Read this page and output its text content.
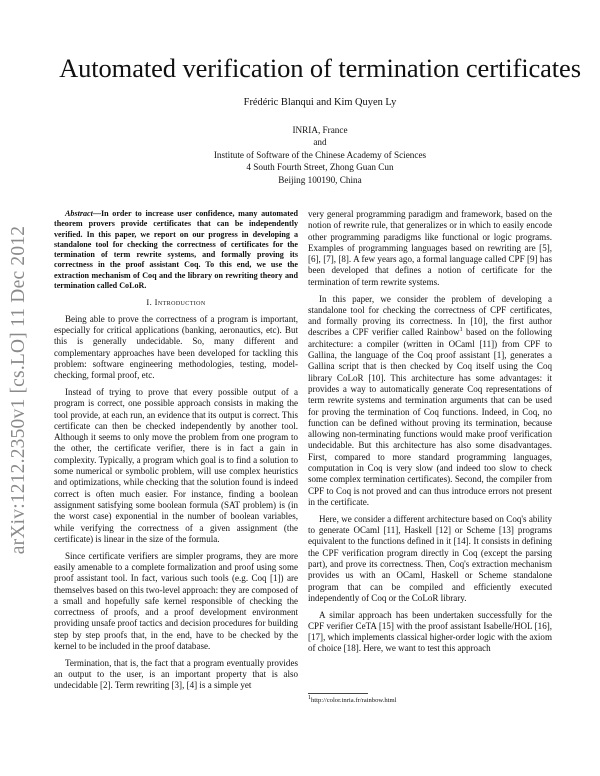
arXiv:1212.2350v1 [cs.LO] 11 Dec 2012
Automated verification of termination certificates
Frédéric Blanqui and Kim Quyen Ly
INRIA, France
and
Institute of Software of the Chinese Academy of Sciences
4 South Fourth Street, Zhong Guan Cun
Beijing 100190, China

Abstract—In order to increase user confidence, many automated theorem provers provide certificates that can be independently verified. In this paper, we report on our progress in developing a standalone tool for checking the correctness of certificates for the termination of term rewrite systems, and formally proving its correctness in the proof assistant Coq. To this end, we use the extraction mechanism of Coq and the library on rewriting theory and termination called CoLoR.

I. Introduction

Being able to prove the correctness of a program is important, especially for critical applications (banking, aeronautics, etc). But this is generally undecidable. So, many different and complementary approaches have been developed for tackling this problem: software engineering methodologies, testing, model-checking, formal proof, etc.

Instead of trying to prove that every possible output of a program is correct, one possible approach consists in making the tool provide, at each run, an evidence that its output is correct. This certificate can then be checked independently by another tool. Although it seems to only move the problem from one program to the other, the certificate verifier, there is in fact a gain in complexity. Typically, a program which goal is to find a solution to some numerical or symbolic problem, will use complex heuristics and optimizations, while checking that the solution found is indeed correct is often much easier. For instance, finding a boolean assignment satisfying some boolean formula (SAT problem) is (in the worst case) exponential in the number of boolean variables, while verifying the correctness of a given assignment (the certificate) is linear in the size of the formula.

Since certificate verifiers are simpler programs, they are more easily amenable to a complete formalization and proof using some proof assistant tool. In fact, various such tools (e.g. Coq [1]) are themselves based on this two-level approach: they are composed of a small and hopefully safe kernel responsible of checking the correctness of proofs, and a proof development environment providing unsafe proof tactics and decision procedures for building step by step proofs that, in the end, have to be checked by the kernel to be included in the proof database.

Termination, that is, the fact that a program eventually provides an output to the user, is an important property that is also undecidable [2]. Term rewriting [3], [4] is a simple yet

very general programming paradigm and framework, based on the notion of rewrite rule, that generalizes or in which to easily encode other programming paradigms like functional or logic programs. Examples of programming languages based on rewriting are [5], [6], [7], [8]. A few years ago, a formal language called CPF [9] has been developed that defines a notion of certificate for the termination of term rewrite systems.

In this paper, we consider the problem of developing a standalone tool for checking the correctness of CPF certificates, and formally proving its correctness. In [10], the first author describes a CPF verifier called Rainbow$^1$ based on the following architecture: a compiler (written in OCaml [11]) from CPF to Gallina, the language of the Coq proof assistant [1], generates a Gallina script that is then checked by Coq itself using the Coq library CoLoR [10]. This architecture has some advantages: it provides a way to automatically generate Coq representations of term rewrite systems and termination arguments that can be used for proving the termination of Coq functions. Indeed, in Coq, no function can be defined without proving its termination, because allowing non-terminating functions would make proof verification undecidable. But this architecture has also some disadvantages. First, compared to more standard programming languages, computation in Coq is very slow (and indeed too slow to check some complex termination certificates). Second, the compiler from CPF to Coq is not proved and can thus introduce errors not present in the certificate.

Here, we consider a different architecture based on Coq's ability to generate OCaml [11], Haskell [12] or Scheme [13] programs equivalent to the functions defined in it [14]. It consists in defining the CPF verification program directly in Coq (except the parsing part), and prove its correctness. Then, Coq's extraction mechanism provides us with an OCaml, Haskell or Scheme standalone program that can be compiled and efficiently executed independently of Coq or the CoLoR library.

A similar approach has been undertaken successfully for the CPF verifier CeTA [15] with the proof assistant Isabelle/HOL [16], [17], which implements classical higher-order logic with the axiom of choice [18]. Here, we want to test this approach

$^1$http://color.inria.fr/rainbow.html
